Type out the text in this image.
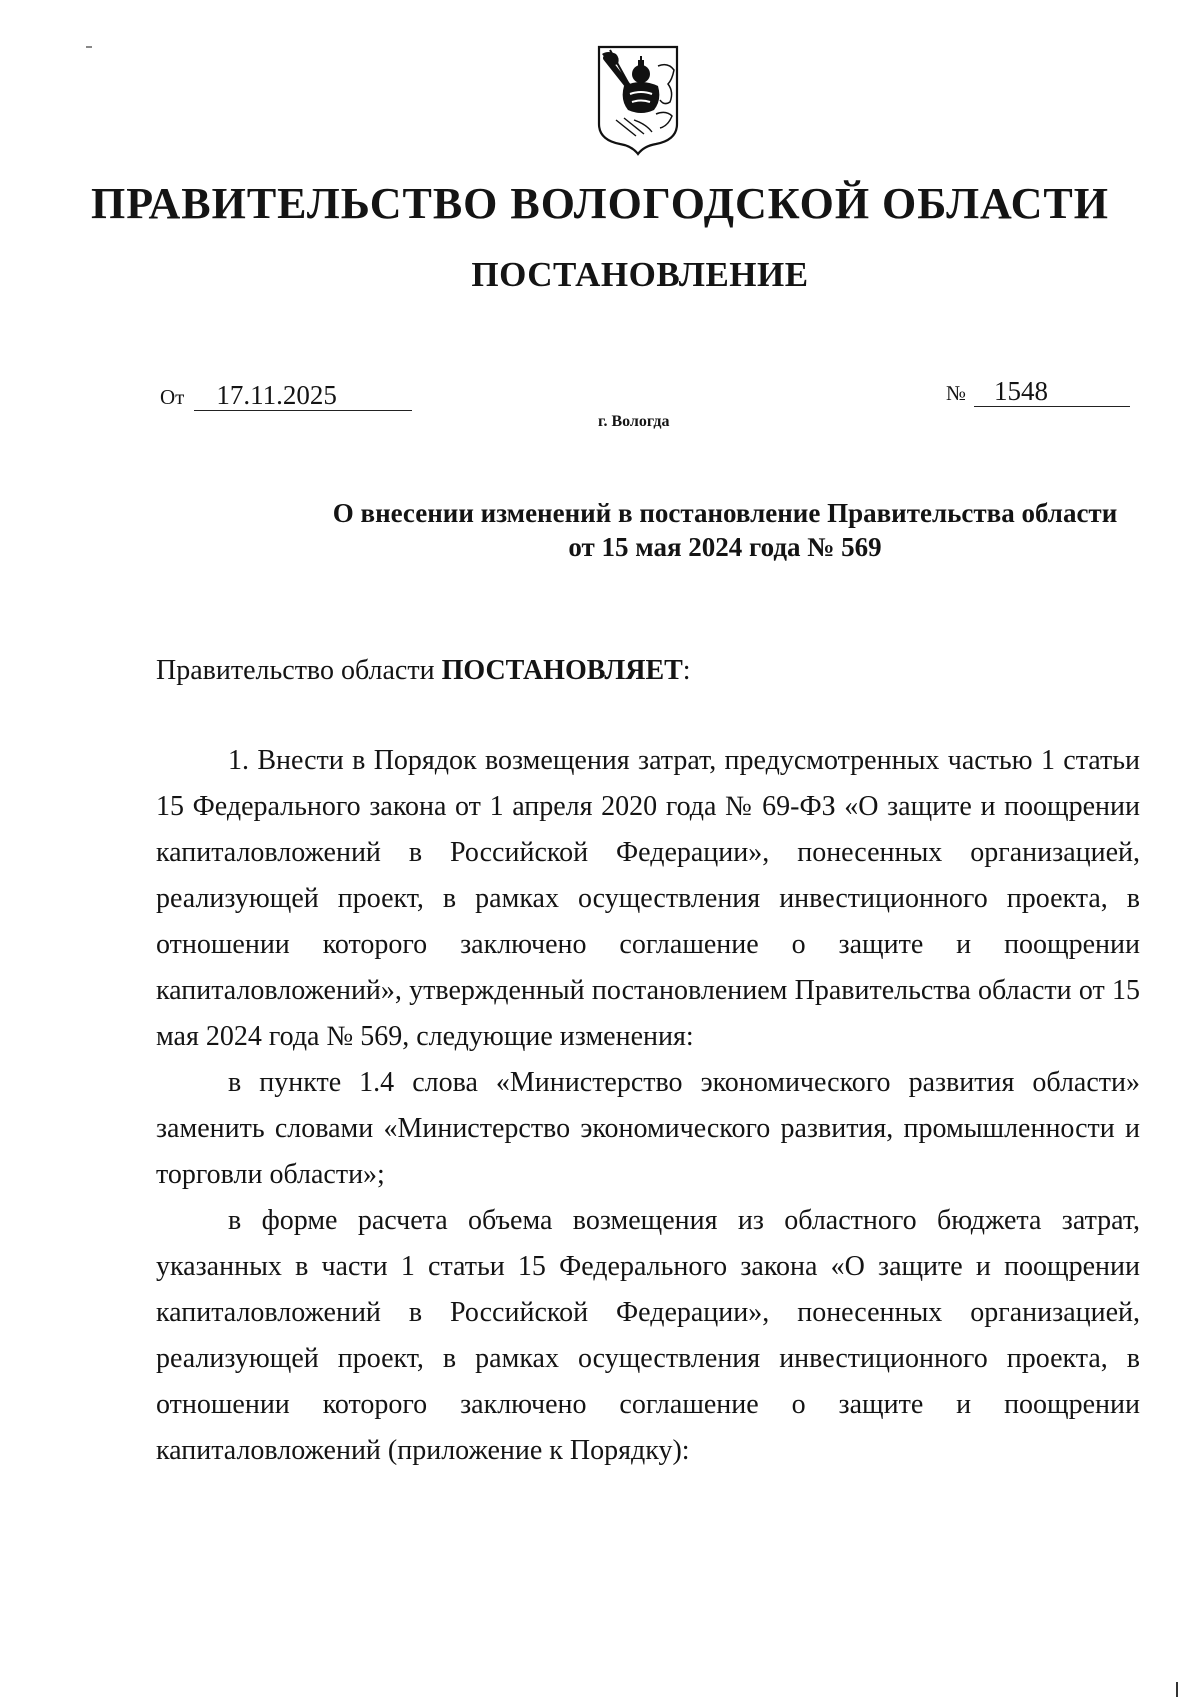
ПРАВИТЕЛЬСТВО ВОЛОГОДСКОЙ ОБЛАСТИ
ПОСТАНОВЛЕНИЕ
От 17.11.2025	№ 1548
г. Вологда
О внесении изменений в постановление Правительства области
от 15 мая 2024 года № 569
Правительство области ПОСТАНОВЛЯЕТ:

1. Внести в Порядок возмещения затрат, предусмотренных частью 1 статьи 15 Федерального закона от 1 апреля 2020 года № 69-ФЗ «О защите и поощрении капиталовложений в Российской Федерации», понесенных организацией, реализующей проект, в рамках осуществления инвестиционного проекта, в отношении которого заключено соглашение о защите и поощрении капиталовложений», утвержденный постановлением Правительства области от 15 мая 2024 года № 569, следующие изменения:

в пункте 1.4 слова «Министерство экономического развития области» заменить словами «Министерство экономического развития, промышленности и торговли области»;

в форме расчета объема возмещения из областного бюджета затрат, указанных в части 1 статьи 15 Федерального закона «О защите и поощрении капиталовложений в Российской Федерации», понесенных организацией, реализующей проект, в рамках осуществления инвестиционного проекта, в отношении которого заключено соглашение о защите и поощрении капиталовложений (приложение к Порядку):
